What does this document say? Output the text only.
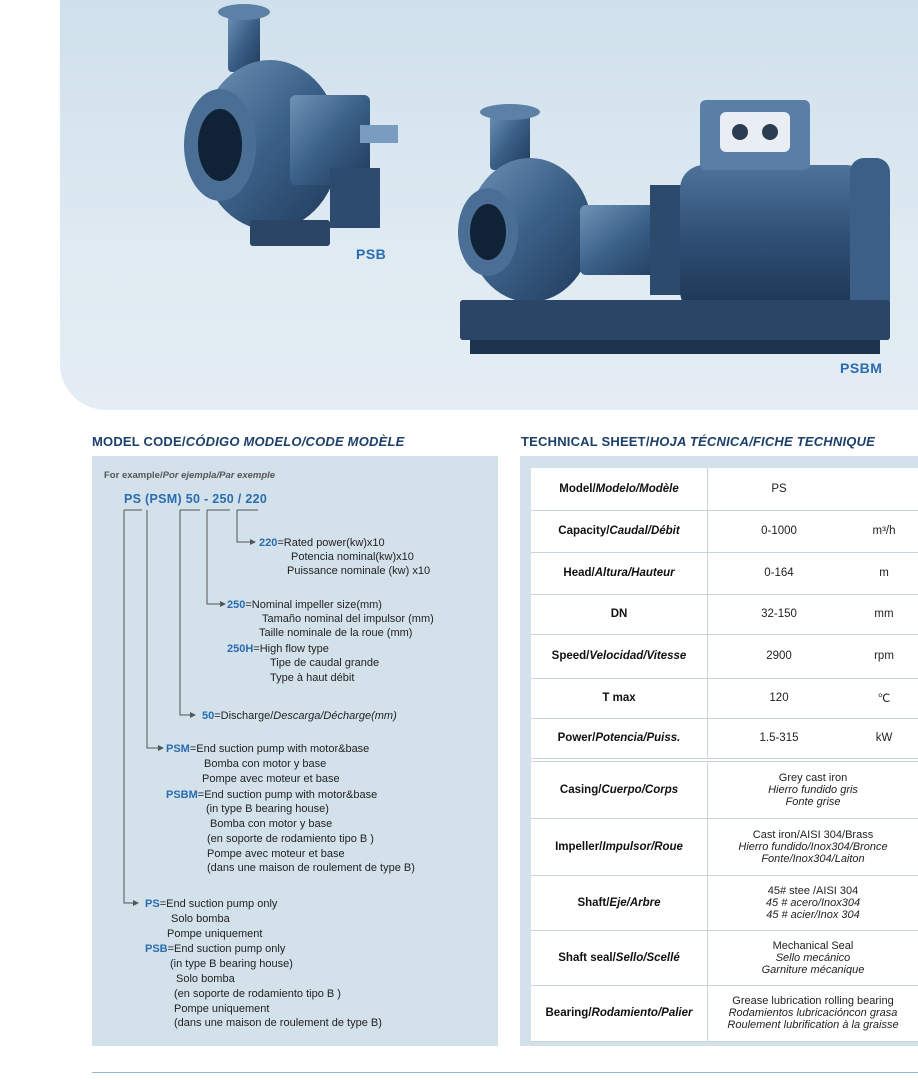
PSB
PSBM
MODEL CODE/CÓDIGO MODELO/CODE MODÈLE
For example/Por ejempla/Par exemple
PS (PSM) 50 - 250 / 220
220=Rated power(kw)x10
Potencia nominal(kw)x10
Puissance nominale (kw) x10
250=Nominal impeller size(mm)
Tamaño nominal del impulsor (mm)
Taille nominale de la roue (mm)
250H=High flow type
Tipe de caudal grande
Type à haut débit
50=Discharge/Descarga/Décharge(mm)
PSM=End suction pump with motor&base
Bomba con motor y base
Pompe avec moteur et base
PSBM=End suction pump with motor&base
(in type B bearing house)
Bomba con motor y base
(en soporte de rodamiento tipo B )
Pompe avec moteur et base
(dans une maison de roulement de type B)
PS=End suction pump only
Solo bomba
Pompe uniquement
PSB=End suction pump only
(in type B bearing house)
Solo bomba
(en soporte de rodamiento tipo B )
Pompe uniquement
(dans une maison de roulement de type B)
TECHNICAL SHEET/HOJA TÉCNICA/FICHE TECHNIQUE
Model/Modelo/Modèle	PS	
Capacity/Caudal/Débit	0-1000	m³/h
Head/Altura/Hauteur	0-164	m
DN	32-150	mm
Speed/Velocidad/Vitesse	2900	rpm
T max	120	℃
Power/Potencia/Puiss.	1.5-315	kW

Casing/Cuerpo/Corps	Grey cast iron
Hierro fundido gris
Fonte grise	

Impeller/Impulsor/Roue	Cast iron/AISI 304/Brass
Hierro fundido/Inox304/Bronce
Fonte/Inox304/Laiton	

Shaft/Eje/Arbre	45# stee /AISI 304
45 # acero/Inox304
45 # acier/Inox 304	

Shaft seal/Sello/Scellé	Mechanical Seal
Sello mecánico
Garniture mécanique	

Bearing/Rodamiento/Palier	Grease lubrication rolling bearing
Rodamientos lubricacióncon grasa
Roulement lubrification à la graisse	
